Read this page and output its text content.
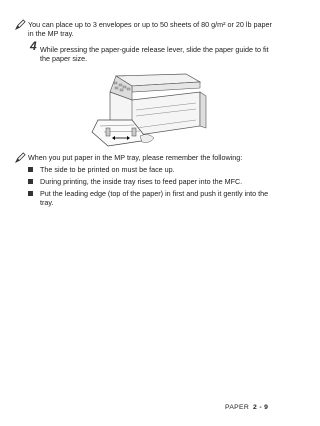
You can place up to 3 envelopes or up to 50 sheets of 80 g/m² or 20 lb paper in the MP tray.
4 While pressing the paper-guide release lever, slide the paper guide to fit the paper size.
When you put paper in the MP tray, please remember the following:
The side to be printed on must be face up.
During printing, the inside tray rises to feed paper into the MFC.
Put the leading edge (top of the paper) in first and push it gently into the tray.
PAPER 2 - 9
